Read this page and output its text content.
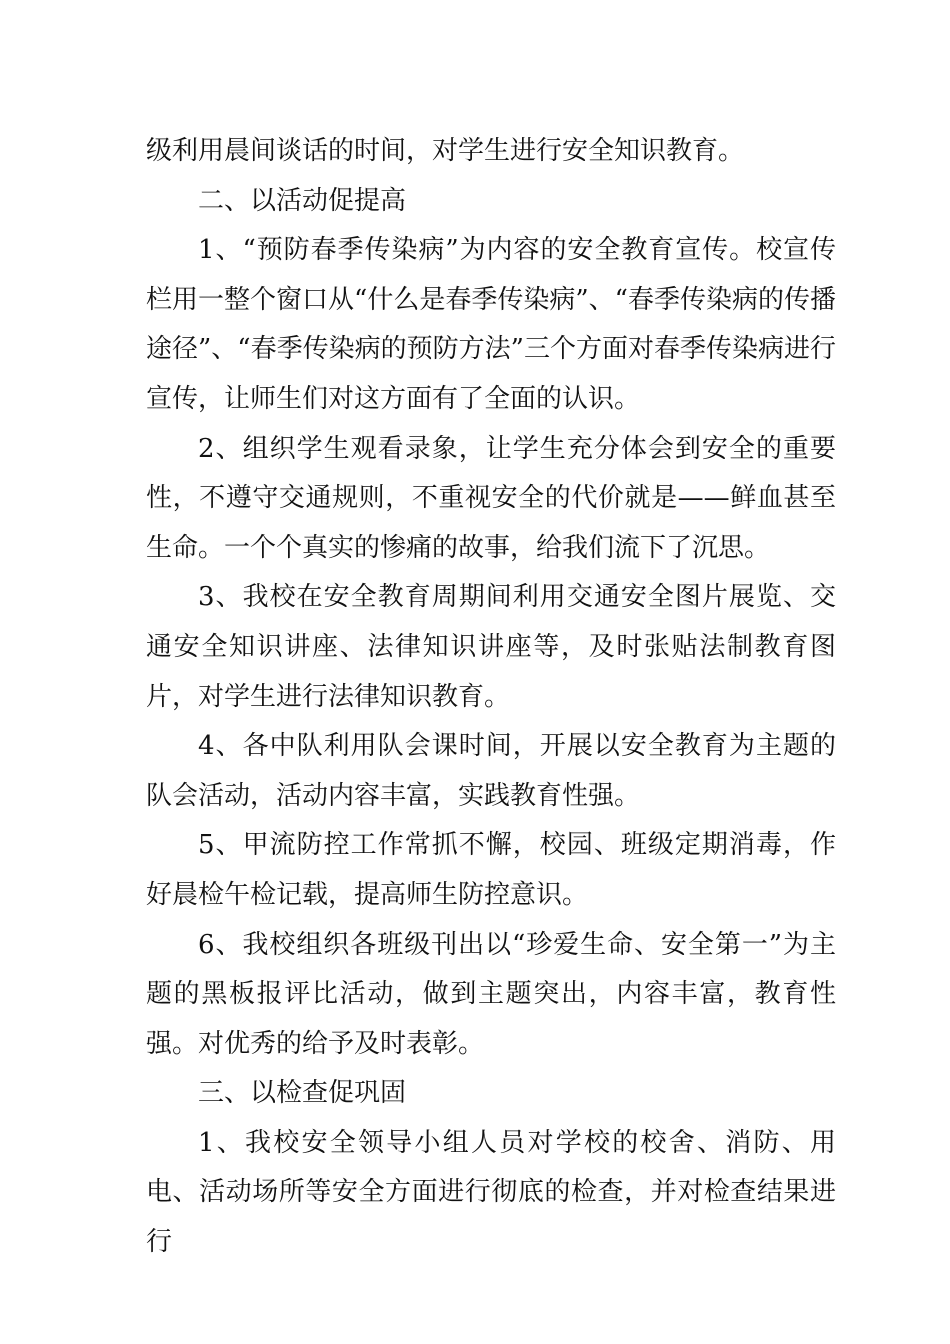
级利用晨间谈话的时间，对学生进行安全知识教育。

二、以活动促提高

1、“预防春季传染病”为内容的安全教育宣传。校宣传栏用一整个窗口从“什么是春季传染病”、“春季传染病的传播途径”、“春季传染病的预防方法”三个方面对春季传染病进行宣传，让师生们对这方面有了全面的认识。

2、组织学生观看录象，让学生充分体会到安全的重要性，不遵守交通规则，不重视安全的代价就是——鲜血甚至生命。一个个真实的惨痛的故事，给我们流下了沉思。

3、我校在安全教育周期间利用交通安全图片展览、交通安全知识讲座、法律知识讲座等，及时张贴法制教育图片，对学生进行法律知识教育。

4、各中队利用队会课时间，开展以安全教育为主题的队会活动，活动内容丰富，实践教育性强。

5、甲流防控工作常抓不懈，校园、班级定期消毒，作好晨检午检记载，提高师生防控意识。

6、我校组织各班级刊出以“珍爱生命、安全第一”为主题的黑板报评比活动，做到主题突出，内容丰富，教育性强。对优秀的给予及时表彰。

三、以检查促巩固

1、我校安全领导小组人员对学校的校舍、消防、用电、活动场所等安全方面进行彻底的检查，并对检查结果进行
